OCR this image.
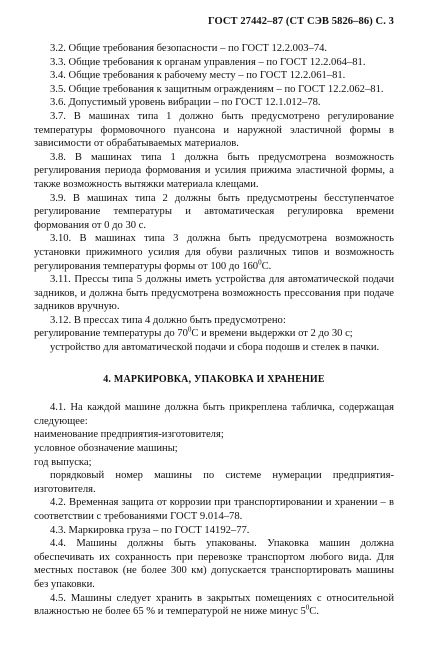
ГОСТ 27442–87 (СТ СЭВ 5826–86) С. 3

3.2. Общие требования безопасности – по ГОСТ 12.2.003–74.

3.3. Общие требования к органам управления – по ГОСТ 12.2.064–81.

3.4. Общие требования к рабочему месту – по ГОСТ 12.2.061–81.

3.5. Общие требования к защитным ограждениям – по ГОСТ 12.2.062–81.

3.6. Допустимый уровень вибрации – по ГОСТ 12.1.012–78.

3.7. В машинах типа 1 должно быть предусмотрено регулирование температуры формовочного пуансона и наружной эластичной формы в зависимости от обрабатываемых материалов.

3.8. В машинах типа 1 должна быть предусмотрена возможность регулирования периода формования и усилия прижима эластичной формы, а также возможность вытяжки материала клещами.

3.9. В машинах типа 2 должны быть предусмотрены бесступенчатое регулирование температуры и автоматическая регулировка времени формования от 0 до 30 с.

3.10. В машинах типа 3 должна быть предусмотрена возможность установки прижимного усилия для обуви различных типов и возможность регулирования температуры формы от 100 до $160^0С$.

3.11. Прессы типа 5 должны иметь устройства для автоматической подачи задников, и должна быть предусмотрена возможность прессования при подаче задников вручную.

3.12. В прессах типа 4 должно быть предусмотрено:

регулирование температуры до $70^0С$ и времени выдержки от 2 до 30 с;

устройство для автоматической подачи и сбора подошв и стелек в пачки.

4. МАРКИРОВКА, УПАКОВКА И ХРАНЕНИЕ

4.1. На каждой машине должна быть прикреплена табличка, содержащая следующее:

наименование предприятия-изготовителя;

условное обозначение машины;

год выпуска;

порядковый номер машины по системе нумерации предприятия-изготовителя.

4.2. Временная защита от коррозии при транспортировании и хранении – в соответствии с требованиями ГОСТ 9.014–78.

4.3. Маркировка груза – по ГОСТ 14192–77.

4.4. Машины должны быть упакованы. Упаковка машин должна обеспечивать их сохранность при перевозке транспортом любого вида. Для местных поставок (не более 300 км) допускается транспортировать машины без упаковки.

4.5. Машины следует хранить в закрытых помещениях с относительной влажностью не более 65 % и температурой не ниже минус $5^0С$.
